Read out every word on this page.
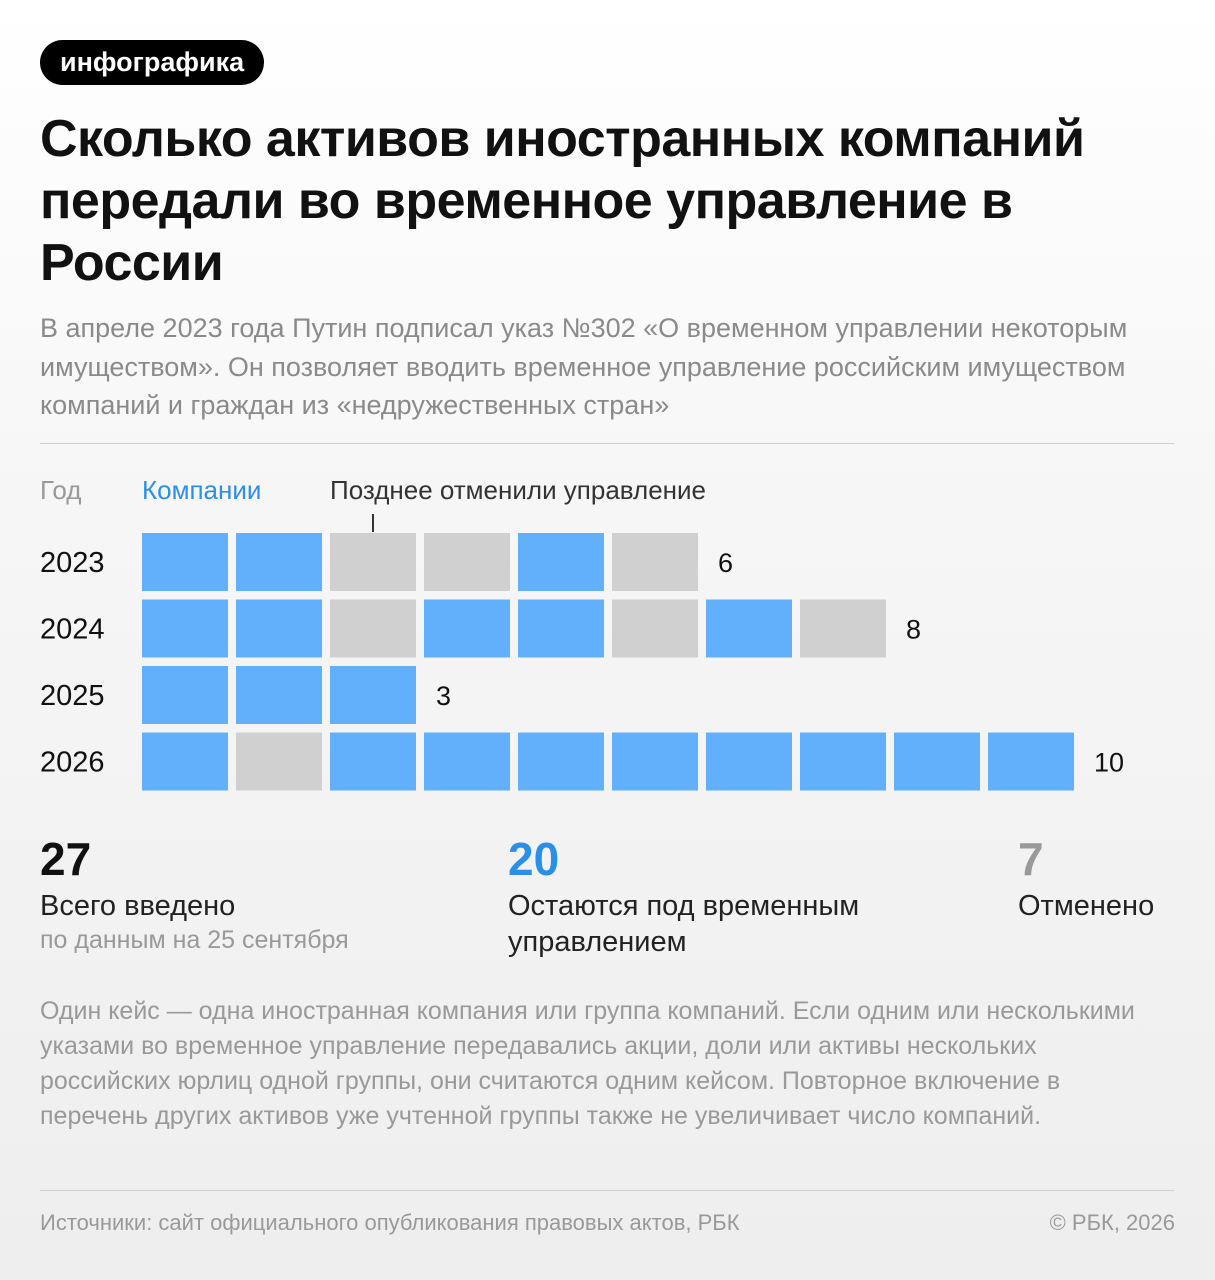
инфографика
Сколько активов иностранных компаний передали во временное управление в России

В апреле 2023 года Путин подписал указ №302 «О временном управлении некоторым имуществом». Он позволяет вводить временное управление российским имуществом компаний и граждан из «недружественных стран»

Год Компании	Позднее отменили управление
2023	6
2024	8
2025	3
2026	10
27
Всего введено
по данным на 25 сентября
20
Остаются под временным управлением
7
Отменено

Один кейс — одна иностранная компания или группа компаний. Если одним или несколькими указами во временное управление передавались акции, доли или активы нескольких российских юрлиц одной группы, они считаются одним кейсом. Повторное включение в перечень других активов уже учтенной группы также не увеличивает число компаний.

Источники: сайт официального опубликования правовых актов, РБК	© РБК, 2026
